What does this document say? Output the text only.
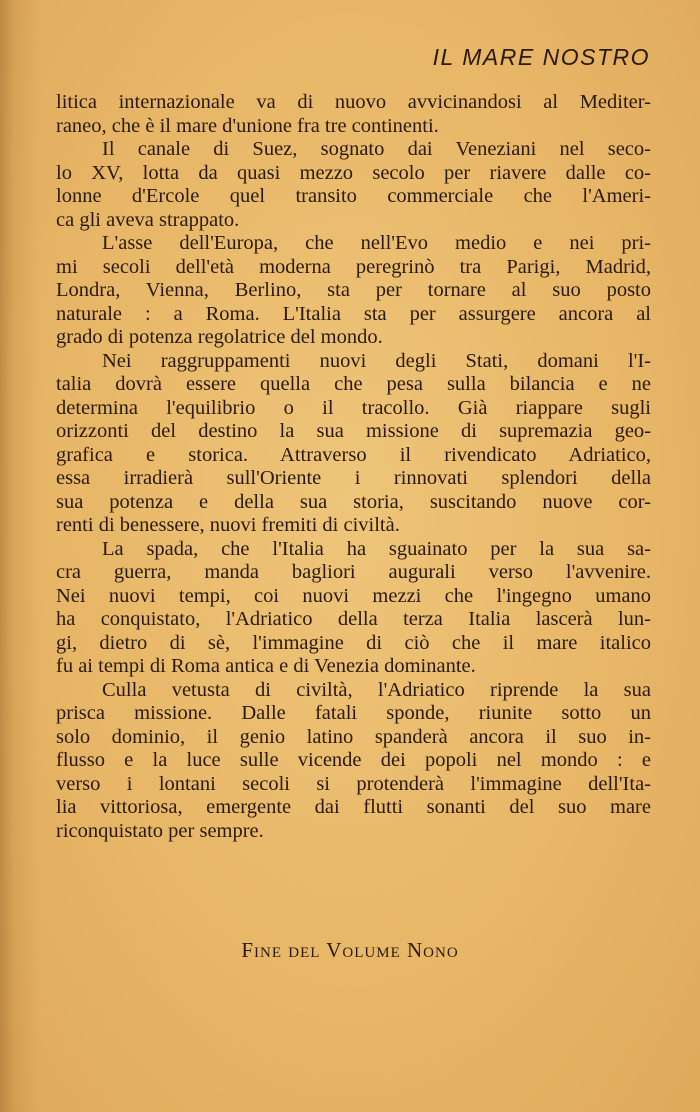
IL MARE NOSTRO
litica internazionale va di nuovo avvicinandosi al Mediter-
raneo, che è il mare d'unione fra tre continenti.
Il canale di Suez, sognato dai Veneziani nel seco-
lo XV, lotta da quasi mezzo secolo per riavere dalle co-
lonne d'Ercole quel transito commerciale che l'Ameri-
ca gli aveva strappato.
L'asse dell'Europa, che nell'Evo medio e nei pri-
mi secoli dell'età moderna peregrinò tra Parigi, Madrid,
Londra, Vienna, Berlino, sta per tornare al suo posto
naturale : a Roma. L'Italia sta per assurgere ancora al
grado di potenza regolatrice del mondo.
Nei raggruppamenti nuovi degli Stati, domani l'I-
talia dovrà essere quella che pesa sulla bilancia e ne
determina l'equilibrio o il tracollo. Già riappare sugli
orizzonti del destino la sua missione di supremazia geo-
grafica e storica. Attraverso il rivendicato Adriatico,
essa irradierà sull'Oriente i rinnovati splendori della
sua potenza e della sua storia, suscitando nuove cor-
renti di benessere, nuovi fremiti di civiltà.
La spada, che l'Italia ha sguainato per la sua sa-
cra guerra, manda bagliori augurali verso l'avvenire.
Nei nuovi tempi, coi nuovi mezzi che l'ingegno umano
ha conquistato, l'Adriatico della terza Italia lascerà lun-
gi, dietro di sè, l'immagine di ciò che il mare italico
fu ai tempi di Roma antica e di Venezia dominante.
Culla vetusta di civiltà, l'Adriatico riprende la sua
prisca missione. Dalle fatali sponde, riunite sotto un
solo dominio, il genio latino spanderà ancora il suo in-
flusso e la luce sulle vicende dei popoli nel mondo : e
verso i lontani secoli si protenderà l'immagine dell'Ita-
lia vittoriosa, emergente dai flutti sonanti del suo mare
riconquistato per sempre.
Fine del Volume Nono
